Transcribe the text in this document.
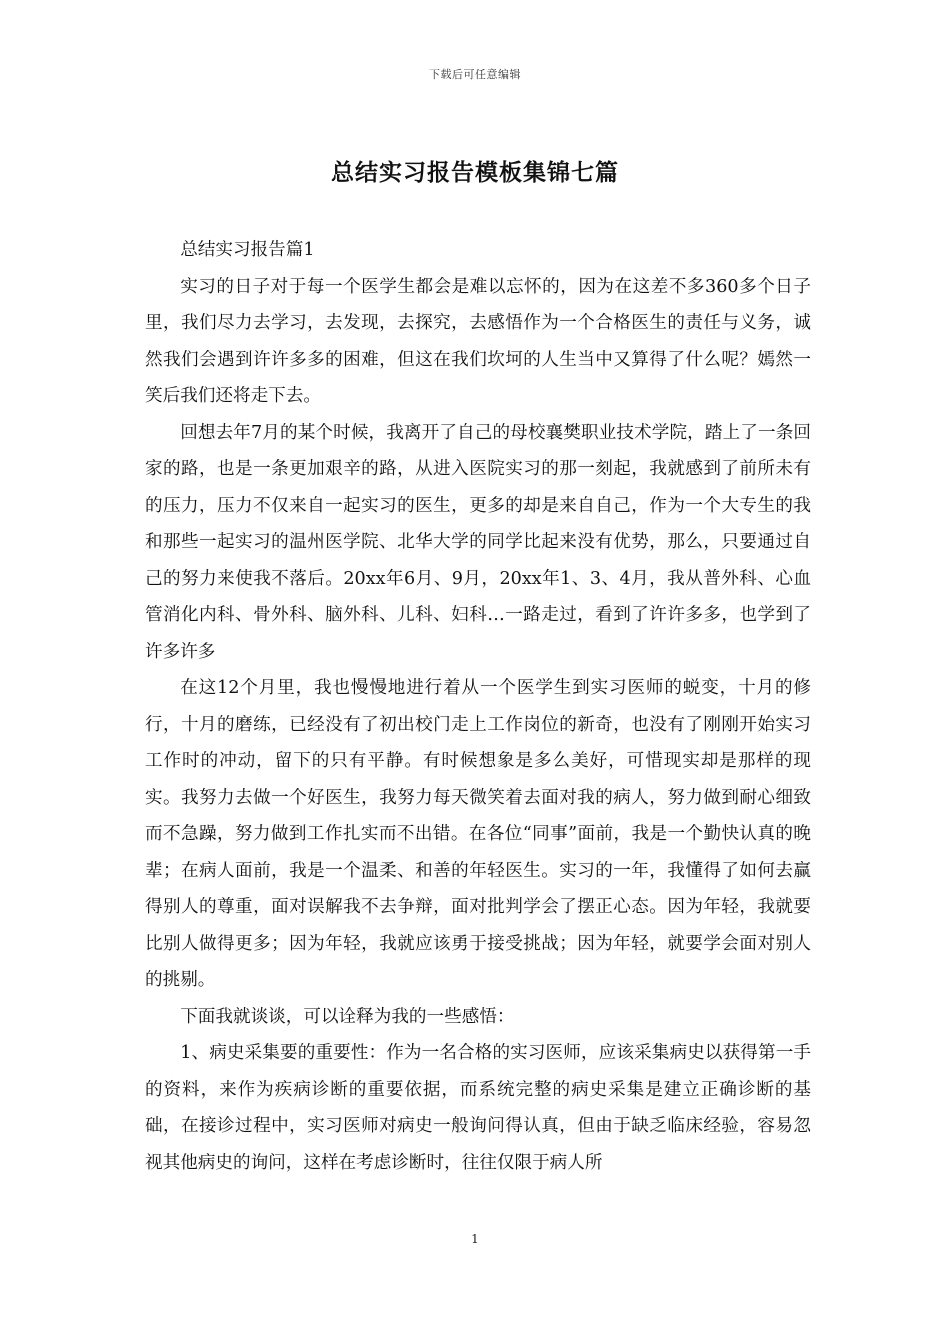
下载后可任意编辑
总结实习报告模板集锦七篇

总结实习报告篇1

实习的日子对于每一个医学生都会是难以忘怀的，因为在这差不多360多个日子里，我们尽力去学习，去发现，去探究，去感悟作为一个合格医生的责任与义务，诚然我们会遇到许许多多的困难，但这在我们坎坷的人生当中又算得了什么呢？嫣然一笑后我们还将走下去。

回想去年7月的某个时候，我离开了自己的母校襄樊职业技术学院，踏上了一条回家的路，也是一条更加艰辛的路，从进入医院实习的那一刻起，我就感到了前所未有的压力，压力不仅来自一起实习的医生，更多的却是来自自己，作为一个大专生的我和那些一起实习的温州医学院、北华大学的同学比起来没有优势，那么，只要通过自己的努力来使我不落后。20xx年6月、9月，20xx年1、3、4月，我从普外科、心血管消化内科、骨外科、脑外科、儿科、妇科…一路走过，看到了许许多多，也学到了许多许多

在这12个月里，我也慢慢地进行着从一个医学生到实习医师的蜕变，十月的修行，十月的磨练，已经没有了初出校门走上工作岗位的新奇，也没有了刚刚开始实习工作时的冲动，留下的只有平静。有时候想象是多么美好，可惜现实却是那样的现实。我努力去做一个好医生，我努力每天微笑着去面对我的病人，努力做到耐心细致而不急躁，努力做到工作扎实而不出错。在各位“同事”面前，我是一个勤快认真的晚辈；在病人面前，我是一个温柔、和善的年轻医生。实习的一年，我懂得了如何去赢得别人的尊重，面对误解我不去争辩，面对批判学会了摆正心态。因为年轻，我就要比别人做得更多；因为年轻，我就应该勇于接受挑战；因为年轻，就要学会面对别人的挑剔。

下面我就谈谈，可以诠释为我的一些感悟：

1、病史采集要的重要性：作为一名合格的实习医师，应该采集病史以获得第一手的资料，来作为疾病诊断的重要依据，而系统完整的病史采集是建立正确诊断的基础，在接诊过程中，实习医师对病史一般询问得认真，但由于缺乏临床经验，容易忽视其他病史的询问，这样在考虑诊断时，往往仅限于病人所

1
